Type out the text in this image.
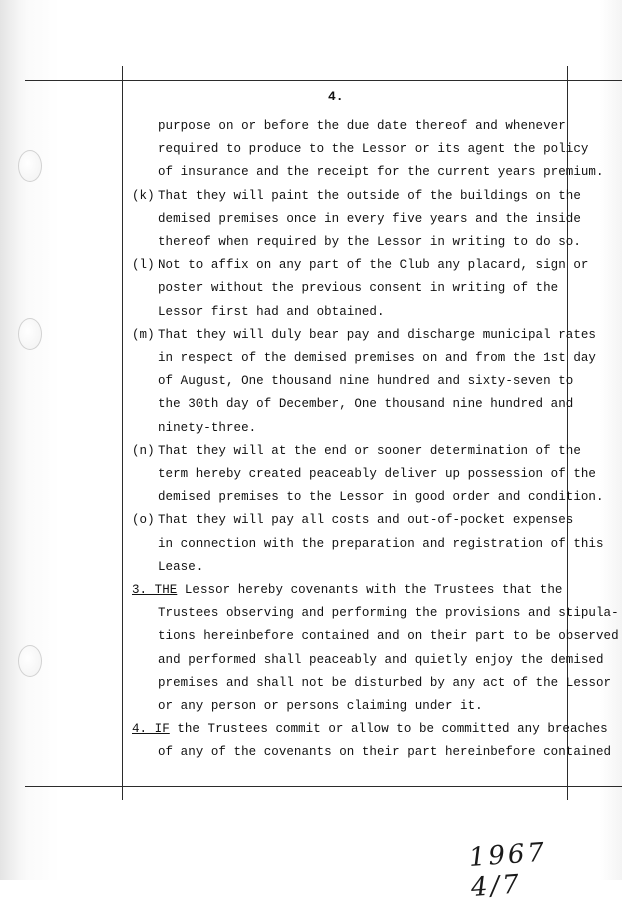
4.
purpose on or before the due date thereof and whenever
required to produce to the Lessor or its agent the policy
of insurance and the receipt for the current years premium.
(k) That they will paint the outside of the buildings on the
demised premises once in every five years and the inside
thereof when required by the Lessor in writing to do so.
(l) Not to affix on any part of the Club any placard, sign or
poster without the previous consent in writing of the
Lessor first had and obtained.
(m) That they will duly bear pay and discharge municipal rates
in respect of the demised premises on and from the 1st day
of August, One thousand nine hundred and sixty-seven to
the 30th day of December, One thousand nine hundred and
ninety-three.
(n) That they will at the end or sooner determination of the
term hereby created peaceably deliver up possession of the
demised premises to the Lessor in good order and condition.
(o) That they will pay all costs and out-of-pocket expenses
in connection with the preparation and registration of this
Lease.
3. THE Lessor hereby covenants with the Trustees that the
Trustees observing and performing the provisions and stipula-
tions hereinbefore contained and on their part to be observed
and performed shall peaceably and quietly enjoy the demised
premises and shall not be disturbed by any act of the Lessor
or any person or persons claiming under it.
4. IF the Trustees commit or allow to be committed any breaches
of any of the covenants on their part hereinbefore contained
1967 4/7
